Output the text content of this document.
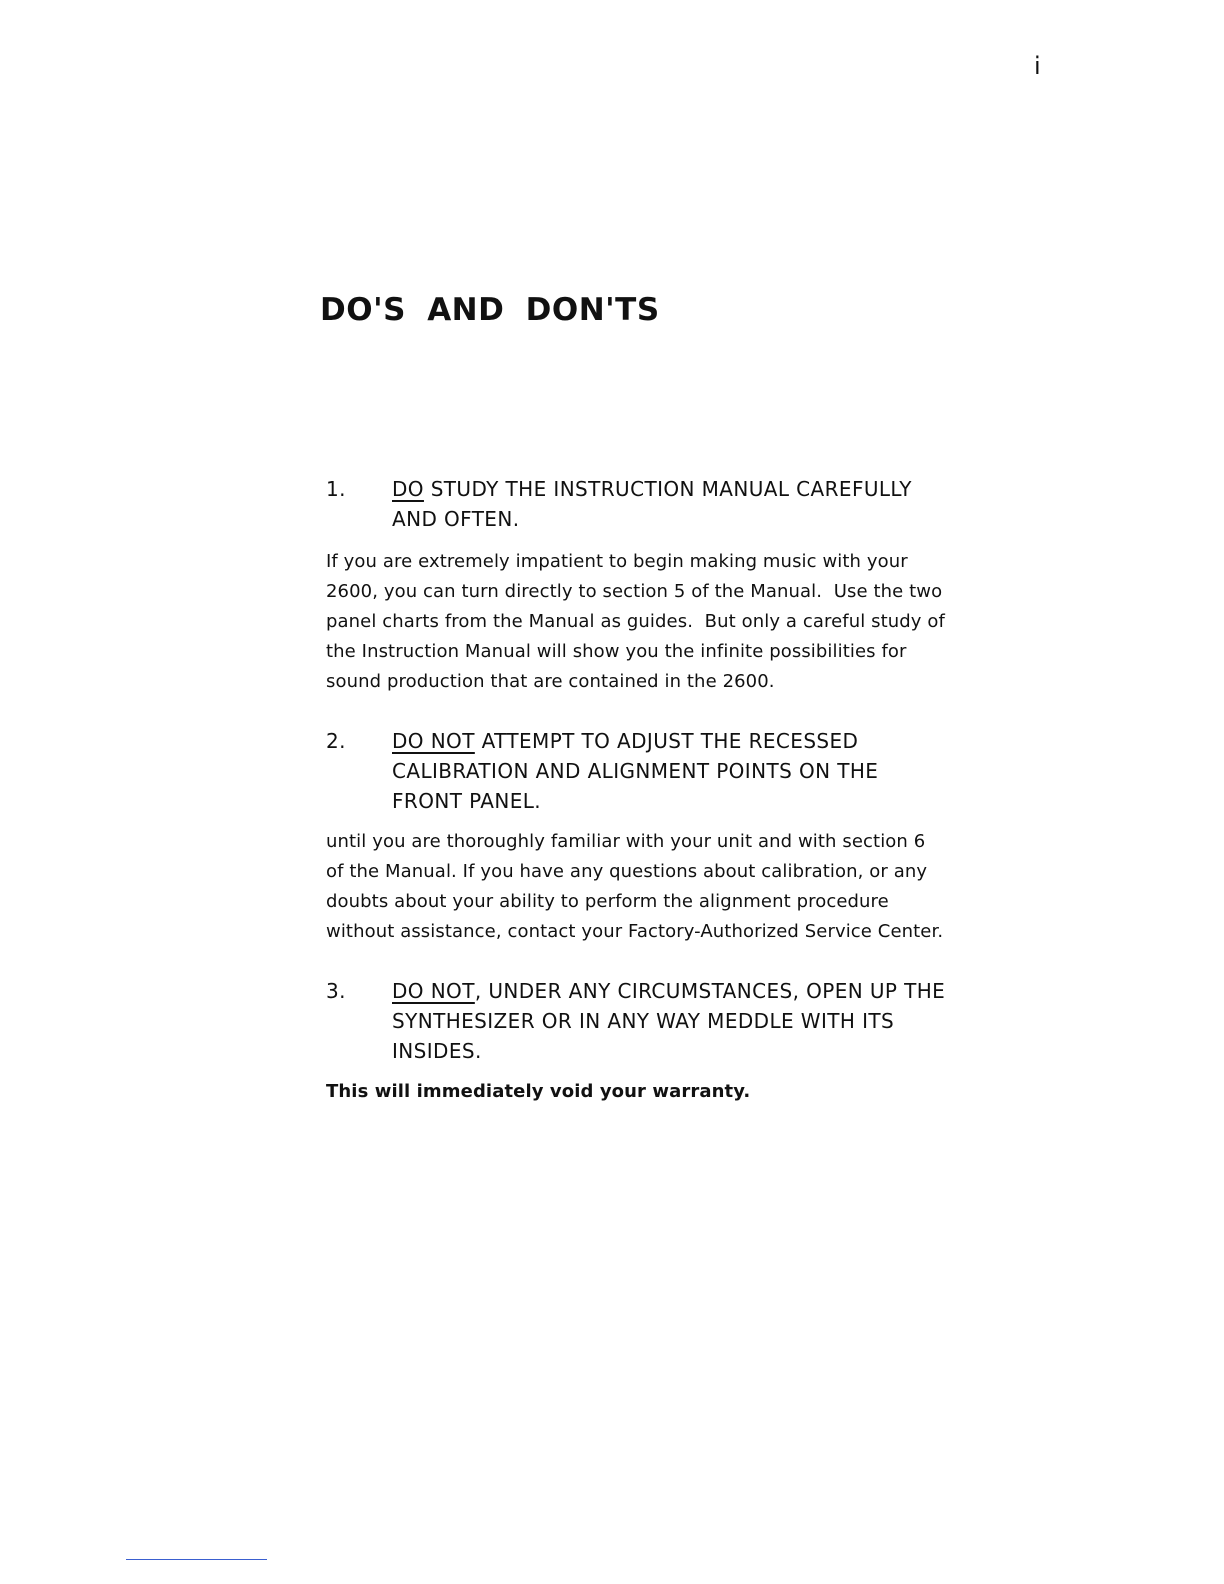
i
DO'S AND DON'TS
1. DO STUDY THE INSTRUCTION MANUAL CAREFULLY
AND OFTEN.
If you are extremely impatient to begin making music with your
2600, you can turn directly to section 5 of the Manual.  Use the two
panel charts from the Manual as guides.  But only a careful study of
the Instruction Manual will show you the infinite possibilities for
sound production that are contained in the 2600.
2. DO NOT ATTEMPT TO ADJUST THE RECESSED
CALIBRATION AND ALIGNMENT POINTS ON THE
FRONT PANEL.
until you are thoroughly familiar with your unit and with section 6
of the Manual. If you have any questions about calibration, or any
doubts about your ability to perform the alignment procedure
without assistance, contact your Factory-Authorized Service Center.
3. DO NOT, UNDER ANY CIRCUMSTANCES, OPEN UP THE
SYNTHESIZER OR IN ANY WAY MEDDLE WITH ITS
INSIDES.
This will immediately void your warranty.
